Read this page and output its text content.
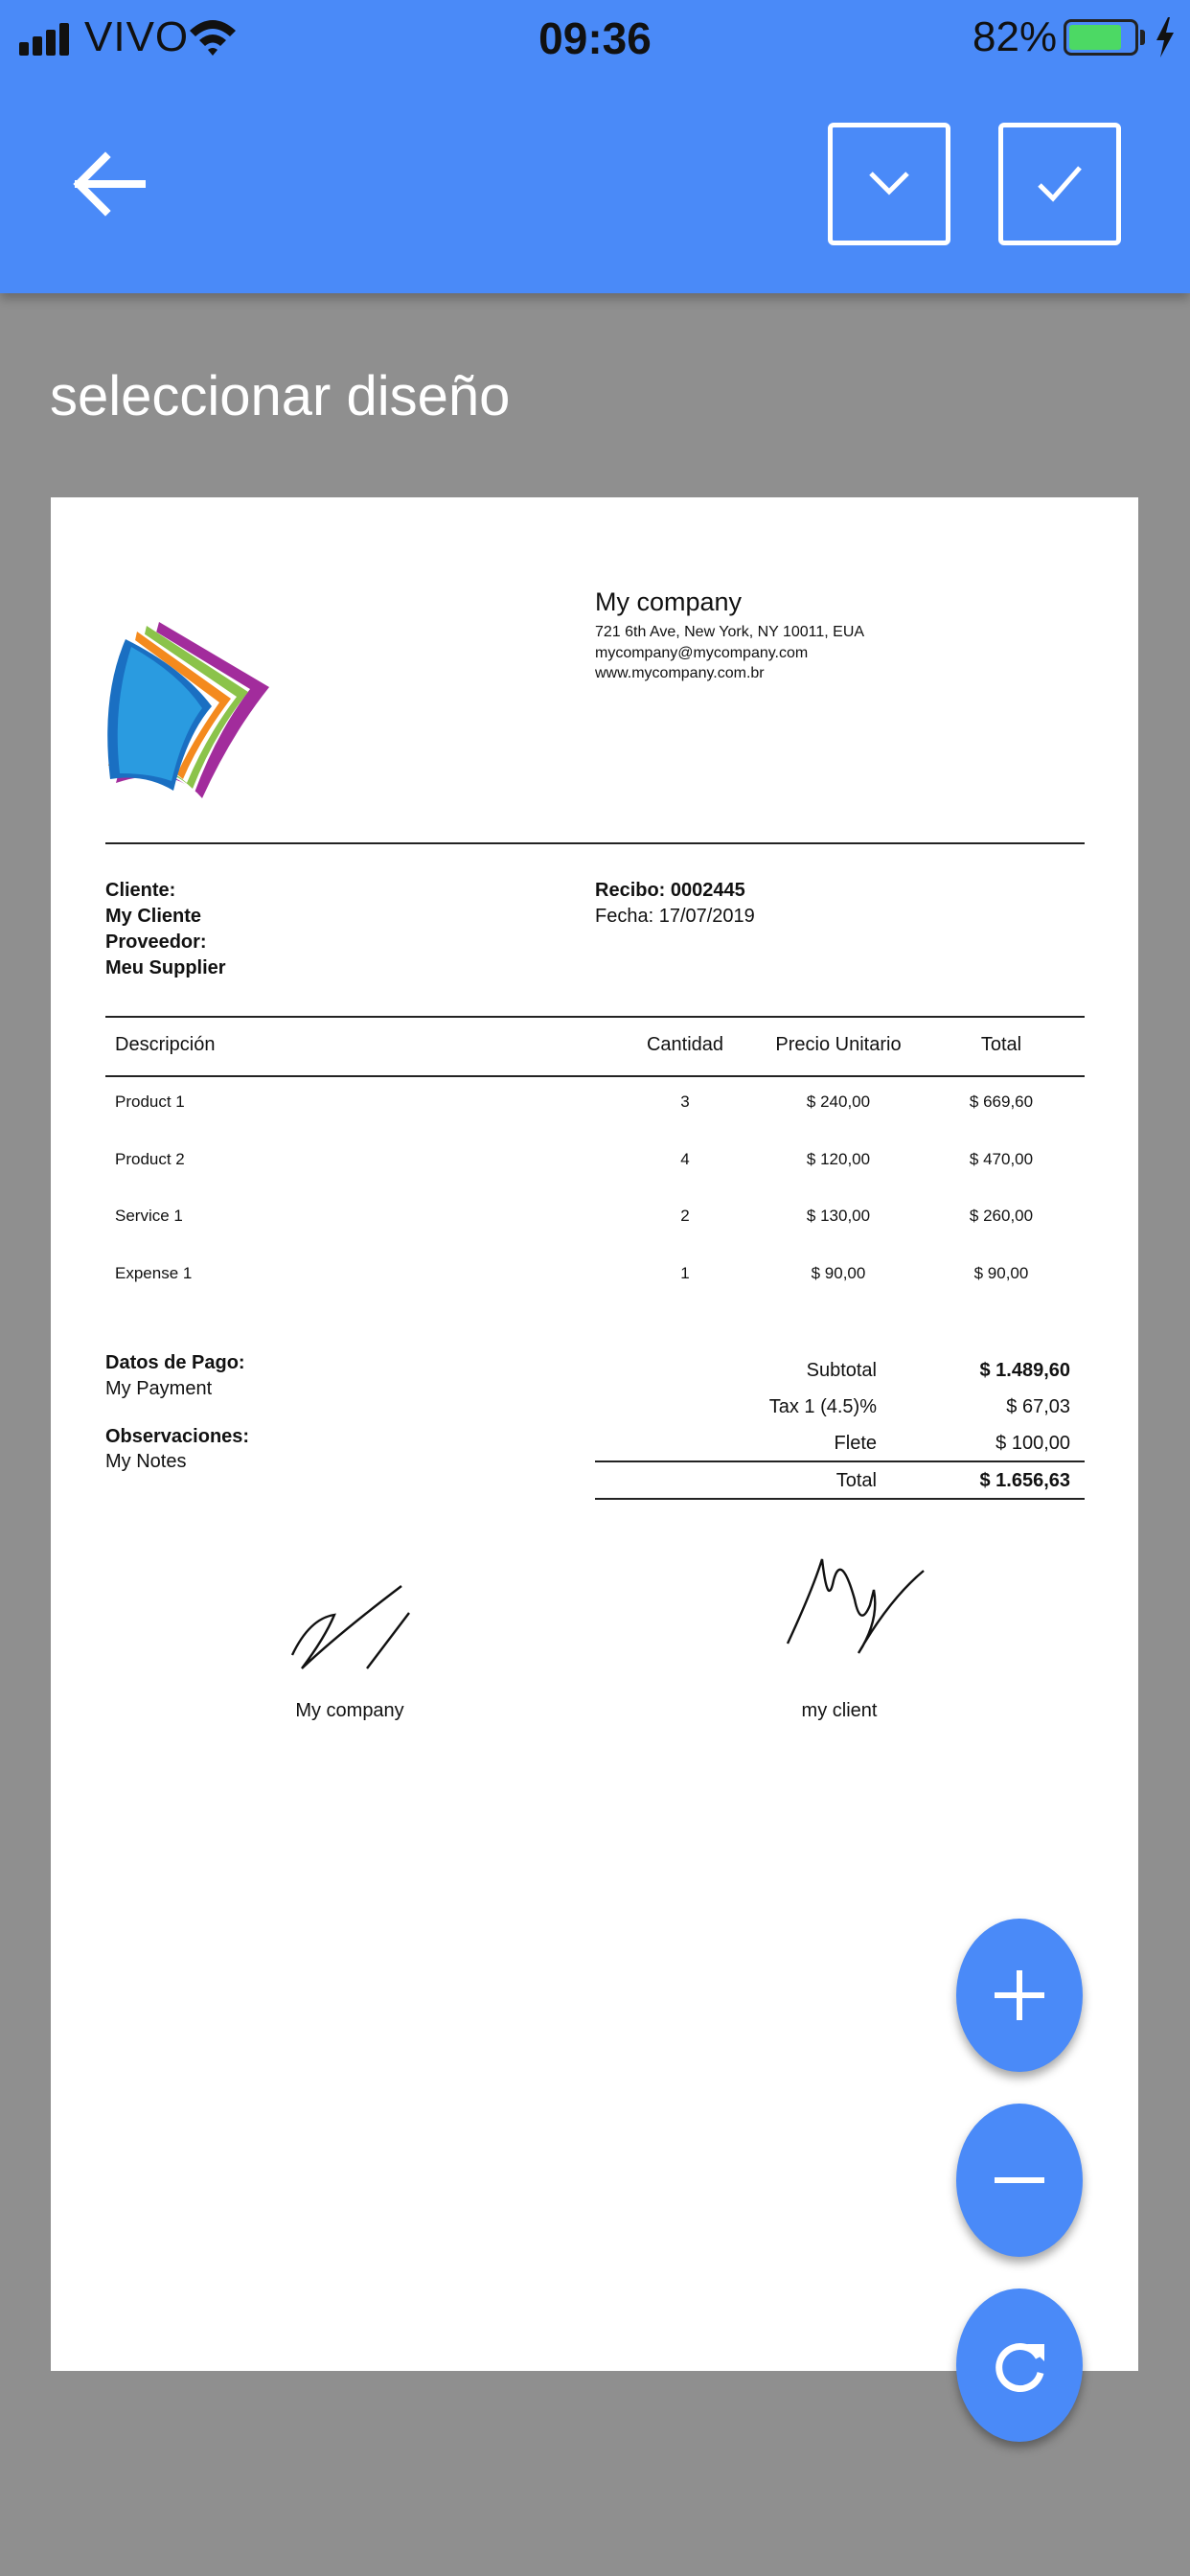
VIVO	09:36	82%
seleccionar diseño
My company
721 6th Ave, New York, NY 10011, EUA
mycompany@mycompany.com
www.mycompany.com.br
Cliente:
My Cliente
Proveedor:
Meu Supplier
Recibo: 0002445
Fecha: 17/07/2019
Descripción	Cantidad	Precio Unitario	Total
Product 1	3	$ 240,00	$ 669,60
Product 2	4	$ 120,00	$ 470,00
Service 1	2	$ 130,00	$ 260,00
Expense 1	1	$ 90,00	$ 90,00
Datos de Pago:
My Payment
Observaciones:
My Notes
Subtotal	$ 1.489,60
Tax 1 (4.5)%	$ 67,03
Flete	$ 100,00
Total	$ 1.656,63
My company	my client
